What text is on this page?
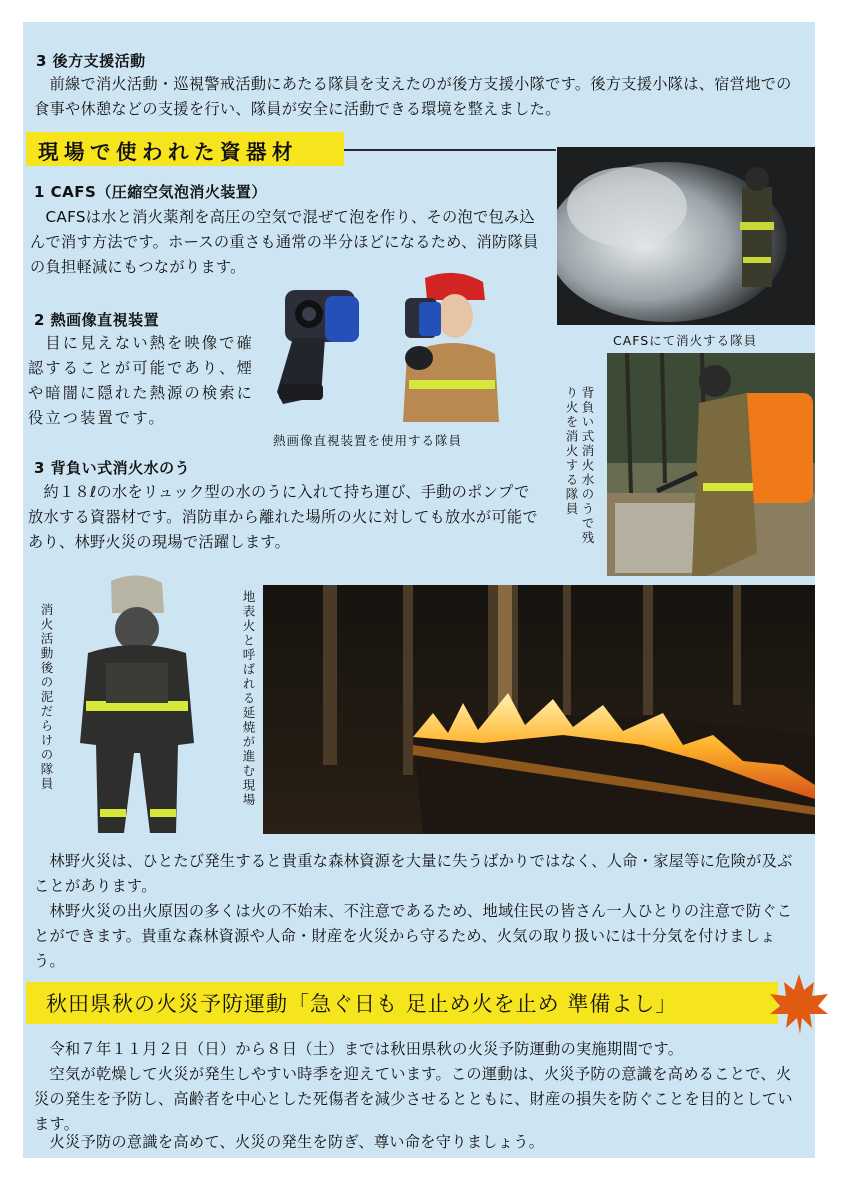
3 後方支援活動
　前線で消火活動・巡視警戒活動にあたる隊員を支えたのが後方支援小隊です。後方支援小隊は、宿営地での食事や休憩などの支援を行い、隊員が安全に活動できる環境を整えました。
現場で使われた資器材
1 CAFS（圧縮空気泡消火装置）
　CAFSは水と消火薬剤を高圧の空気で混ぜて泡を作り、その泡で包み込んで消す方法です。ホースの重さも通常の半分ほどになるため、消防隊員の負担軽減にもつながります。
2 熱画像直視装置
　目に見えない熱を映像で確認することが可能であり、煙や暗闇に隠れた熱源の検索に役立つ装置です。
3 背負い式消火水のう
　約１８ℓの水をリュック型の水のうに入れて持ち運び、手動のポンプで放水する資器材です。消防車から離れた場所の火に対しても放水が可能であり、林野火災の現場で活躍します。
CAFSにて消火する隊員
熱画像直視装置を使用する隊員	背負い式消火水のうで残り火を消火する隊員
消火活動後の泥だらけの隊員	地表火と呼ばれる延焼が進む現場
　林野火災は、ひとたび発生すると貴重な森林資源を大量に失うばかりではなく、人命・家屋等に危険が及ぶことがあります。
　林野火災の出火原因の多くは火の不始末、不注意であるため、地域住民の皆さん一人ひとりの注意で防ぐことができます。貴重な森林資源や人命・財産を火災から守るため、火気の取り扱いには十分気を付けましょう。
秋田県秋の火災予防運動「急ぐ日も 足止め火を止め 準備よし」
　令和７年１１月２日（日）から８日（土）までは秋田県秋の火災予防運動の実施期間です。
　空気が乾燥して火災が発生しやすい時季を迎えています。この運動は、火災予防の意識を高めることで、火災の発生を予防し、高齢者を中心とした死傷者を減少させるとともに、財産の損失を防ぐことを目的としています。
　火災予防の意識を高めて、火災の発生を防ぎ、尊い命を守りましょう。
